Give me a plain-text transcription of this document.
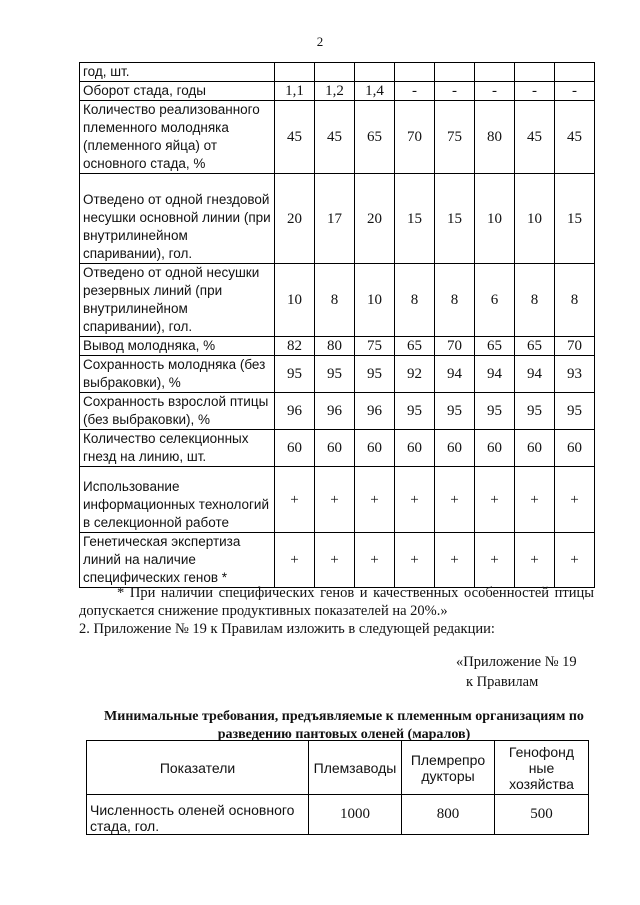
2
год, шт.								
Оборот стада, годы	1,1	1,2	1,4	-	-	-	-	-
Количество реализованного племенного молодняка (племенного яйца) от основного стада, %	45	45	65	70	75	80	45	45
Отведено от одной гнездовой несушки основной линии (при внутрилинейном спаривании), гол.	20	17	20	15	15	10	10	15
Отведено от одной несушки резервных линий (при внутрилинейном спаривании), гол.	10	8	10	8	8	6	8	8
Вывод молодняка, %	82	80	75	65	70	65	65	70
Сохранность молодняка (без выбраковки), %	95	95	95	92	94	94	94	93
Сохранность взрослой птицы (без выбраковки), %	96	96	96	95	95	95	95	95
Количество селекционных гнезд на линию, шт.	60	60	60	60	60	60	60	60
Использование информационных технологий в селекционной работе	+	+	+	+	+	+	+	+
Генетическая экспертиза линий на наличие специфических генов *	+	+	+	+	+	+	+	+
* При наличии специфических генов и качественных особенностей птицы допускается снижение продуктивных показателей на 20%.»
2. Приложение № 19 к Правилам изложить в следующей редакции:
«Приложение № 19
к Правилам
Минимальные требования, предъявляемые к племенным организациям по разведению пантовых оленей (маралов)
Показатели	Племзаводы	Племрепро дукторы	Генофонд ные хозяйства
Численность оленей основного стада, гол.	1000	800	500
